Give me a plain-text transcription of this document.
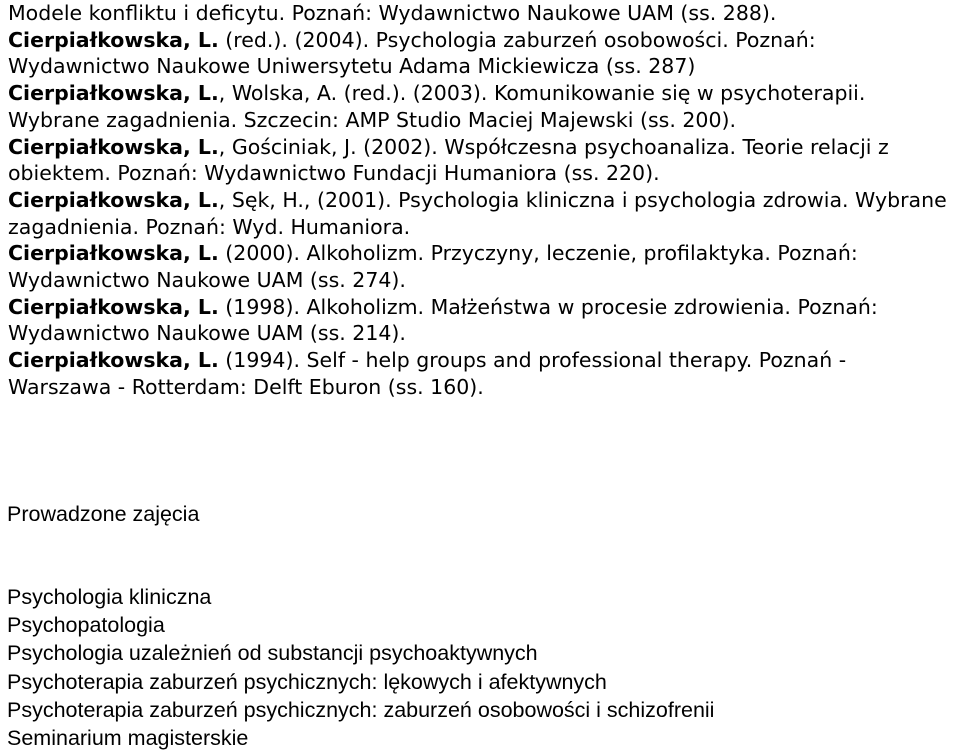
Modele konfliktu i deficytu. Poznań: Wydawnictwo Naukowe UAM (ss. 288).

Cierpiałkowska, L. (red.). (2004). Psychologia zaburzeń osobowości. Poznań: Wydawnictwo Naukowe Uniwersytetu Adama Mickiewicza (ss. 287)

Cierpiałkowska, L., Wolska, A. (red.). (2003). Komunikowanie się w psychoterapii. Wybrane zagadnienia. Szczecin: AMP Studio Maciej Majewski (ss. 200).

Cierpiałkowska, L., Gościniak, J. (2002). Współczesna psychoanaliza. Teorie relacji z obiektem. Poznań: Wydawnictwo Fundacji Humaniora (ss. 220).

Cierpiałkowska, L., Sęk, H., (2001). Psychologia kliniczna i psychologia zdrowia. Wybrane zagadnienia. Poznań: Wyd. Humaniora.

Cierpiałkowska, L. (2000). Alkoholizm. Przyczyny, leczenie, profilaktyka. Poznań: Wydawnictwo Naukowe UAM (ss. 274).

Cierpiałkowska, L. (1998). Alkoholizm. Małżeństwa w procesie zdrowienia. Poznań: Wydawnictwo Naukowe UAM (ss. 214).

Cierpiałkowska, L. (1994). Self - help groups and professional therapy. Poznań - Warszawa - Rotterdam: Delft Eburon (ss. 160).

Prowadzone zajęcia

Psychologia kliniczna

Psychopatologia

Psychologia uzależnień od substancji psychoaktywnych

Psychoterapia zaburzeń psychicznych: lękowych i afektywnych

Psychoterapia zaburzeń psychicznych: zaburzeń osobowości i schizofrenii

Seminarium magisterskie
